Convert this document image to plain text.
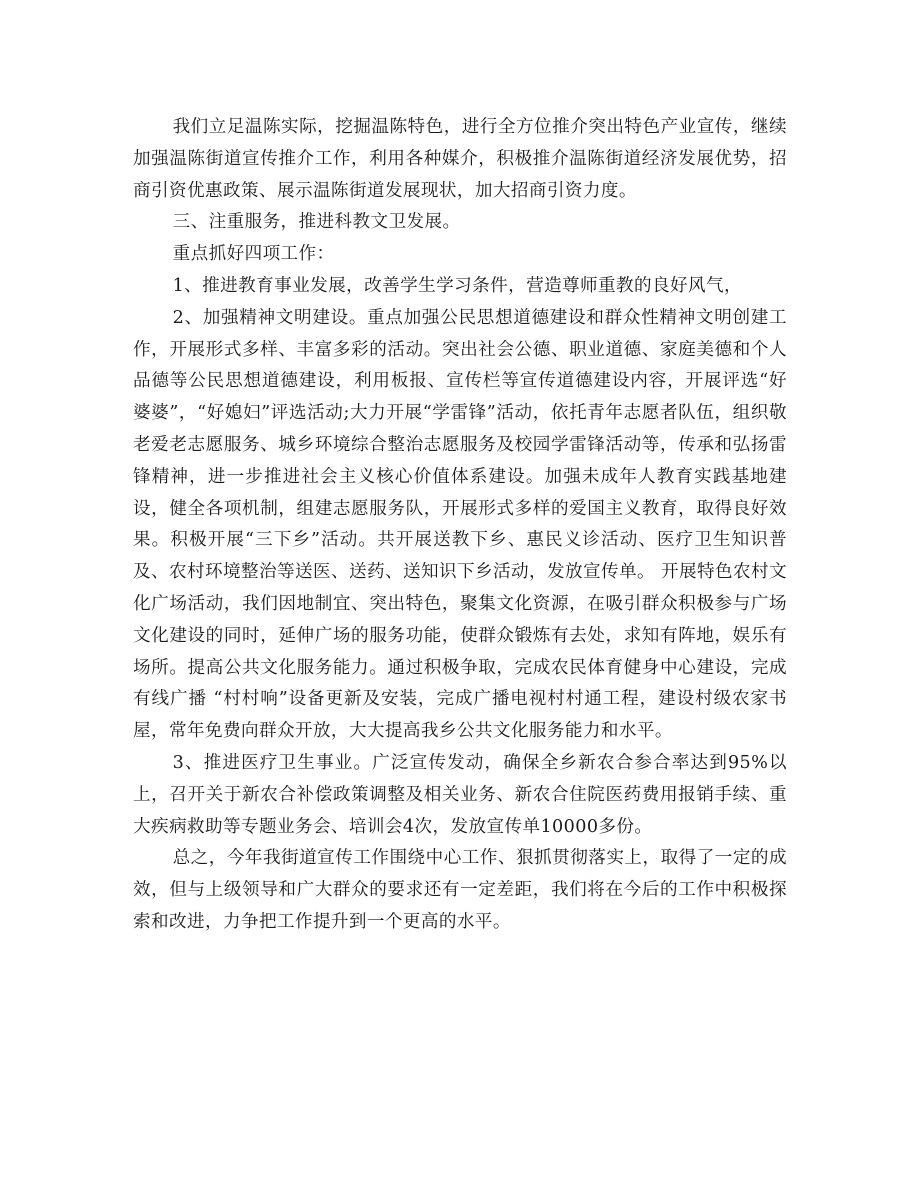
我们立足温陈实际，挖掘温陈特色，进行全方位推介突出特色产业宣传，继续加强温陈街道宣传推介工作，利用各种媒介，积极推介温陈街道经济发展优势，招商引资优惠政策、展示温陈街道发展现状，加大招商引资力度。

三、注重服务，推进科教文卫发展。

重点抓好四项工作：

1、推进教育事业发展，改善学生学习条件，营造尊师重教的良好风气，

2、加强精神文明建设。重点加强公民思想道德建设和群众性精神文明创建工作，开展形式多样、丰富多彩的活动。突出社会公德、职业道德、家庭美德和个人品德等公民思想道德建设，利用板报、宣传栏等宣传道德建设内容，开展评选“好婆婆”，“好媳妇”评选活动;大力开展“学雷锋”活动，依托青年志愿者队伍，组织敬老爱老志愿服务、城乡环境综合整治志愿服务及校园学雷锋活动等，传承和弘扬雷锋精神，进一步推进社会主义核心价值体系建设。加强未成年人教育实践基地建设，健全各项机制，组建志愿服务队，开展形式多样的爱国主义教育，取得良好效果。积极开展“三下乡”活动。共开展送教下乡、惠民义诊活动、医疗卫生知识普及、农村环境整治等送医、送药、送知识下乡活动，发放宣传单。 开展特色农村文化广场活动，我们因地制宜、突出特色，聚集文化资源，在吸引群众积极参与广场文化建设的同时，延伸广场的服务功能，使群众锻炼有去处，求知有阵地，娱乐有场所。提高公共文化服务能力。通过积极争取，完成农民体育健身中心建设，完成有线广播 “村村响”设备更新及安装，完成广播电视村村通工程，建设村级农家书屋，常年免费向群众开放，大大提高我乡公共文化服务能力和水平。

3、推进医疗卫生事业。广泛宣传发动，确保全乡新农合参合率达到95%以上，召开关于新农合补偿政策调整及相关业务、新农合住院医药费用报销手续、重大疾病救助等专题业务会、培训会4次，发放宣传单10000多份。

总之，今年我街道宣传工作围绕中心工作、狠抓贯彻落实上，取得了一定的成效，但与上级领导和广大群众的要求还有一定差距，我们将在今后的工作中积极探索和改进，力争把工作提升到一个更高的水平。
